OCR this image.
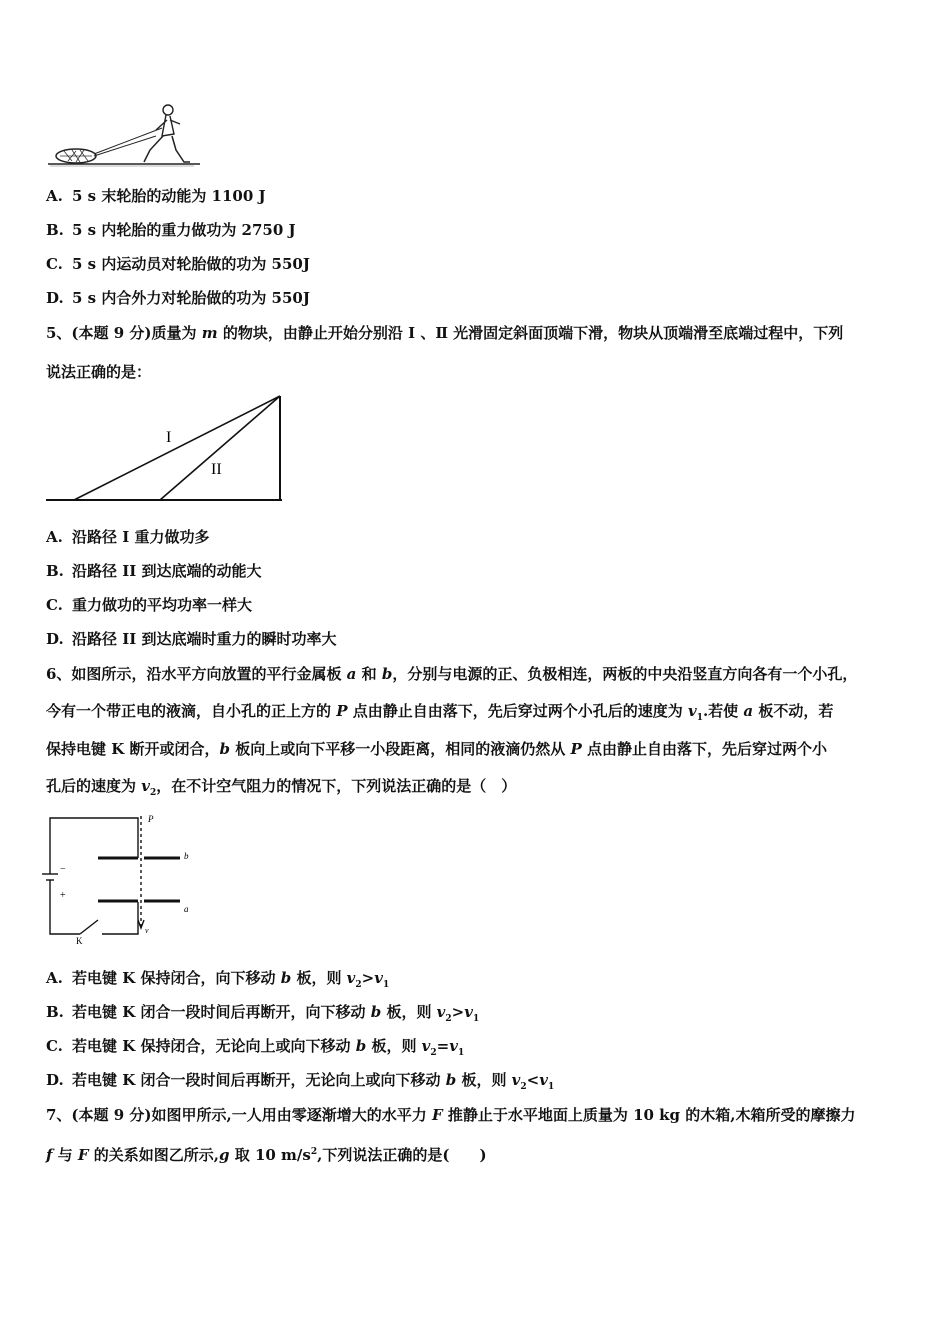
A. 5 s 末轮胎的动能为 1100 J
B. 5 s 内轮胎的重力做功为 2750 J
C. 5 s 内运动员对轮胎做的功为 550J
D. 5 s 内合外力对轮胎做的功为 550J
5、(本题 9 分)质量为 m 的物块，由静止开始分别沿 Ⅰ 、Ⅱ 光滑固定斜面顶端下滑，物块从顶端滑至底端过程中，下列
说法正确的是：
I
II
A. 沿路径 Ⅰ 重力做功多
B. 沿路径 II 到达底端的动能大
C. 重力做功的平均功率一样大
D. 沿路径 II 到达底端时重力的瞬时功率大
6、如图所示，沿水平方向放置的平行金属板 a 和 b，分别与电源的正、负极相连，两板的中央沿竖直方向各有一个小孔，
今有一个带正电的液滴，自小孔的正上方的 P 点由静止自由落下，先后穿过两个小孔后的速度为 $v_1$.若使 a 板不动，若
保持电键 K 断开或闭合，b 板向上或向下平移一小段距离，相同的液滴仍然从 P 点由静止自由落下，先后穿过两个小
孔后的速度为 $v_2$，在不计空气阻力的情况下，下列说法正确的是（　）
P
b
a
K
v
−
+
A. 若电键 K 保持闭合，向下移动 b 板，则 $v_2>v_1$
B. 若电键 K 闭合一段时间后再断开，向下移动 b 板，则 $v_2>v_1$
C. 若电键 K 保持闭合，无论向上或向下移动 b 板，则 $v_2=v_1$
D. 若电键 K 闭合一段时间后再断开，无论向上或向下移动 b 板，则 $v_2<v_1$
7、(本题 9 分)如图甲所示,一人用由零逐渐增大的水平力 F 推静止于水平地面上质量为 10 kg 的木箱,木箱所受的摩擦力
f 与 F 的关系如图乙所示,g 取 10 $m/s^2$,下列说法正确的是(　　)
